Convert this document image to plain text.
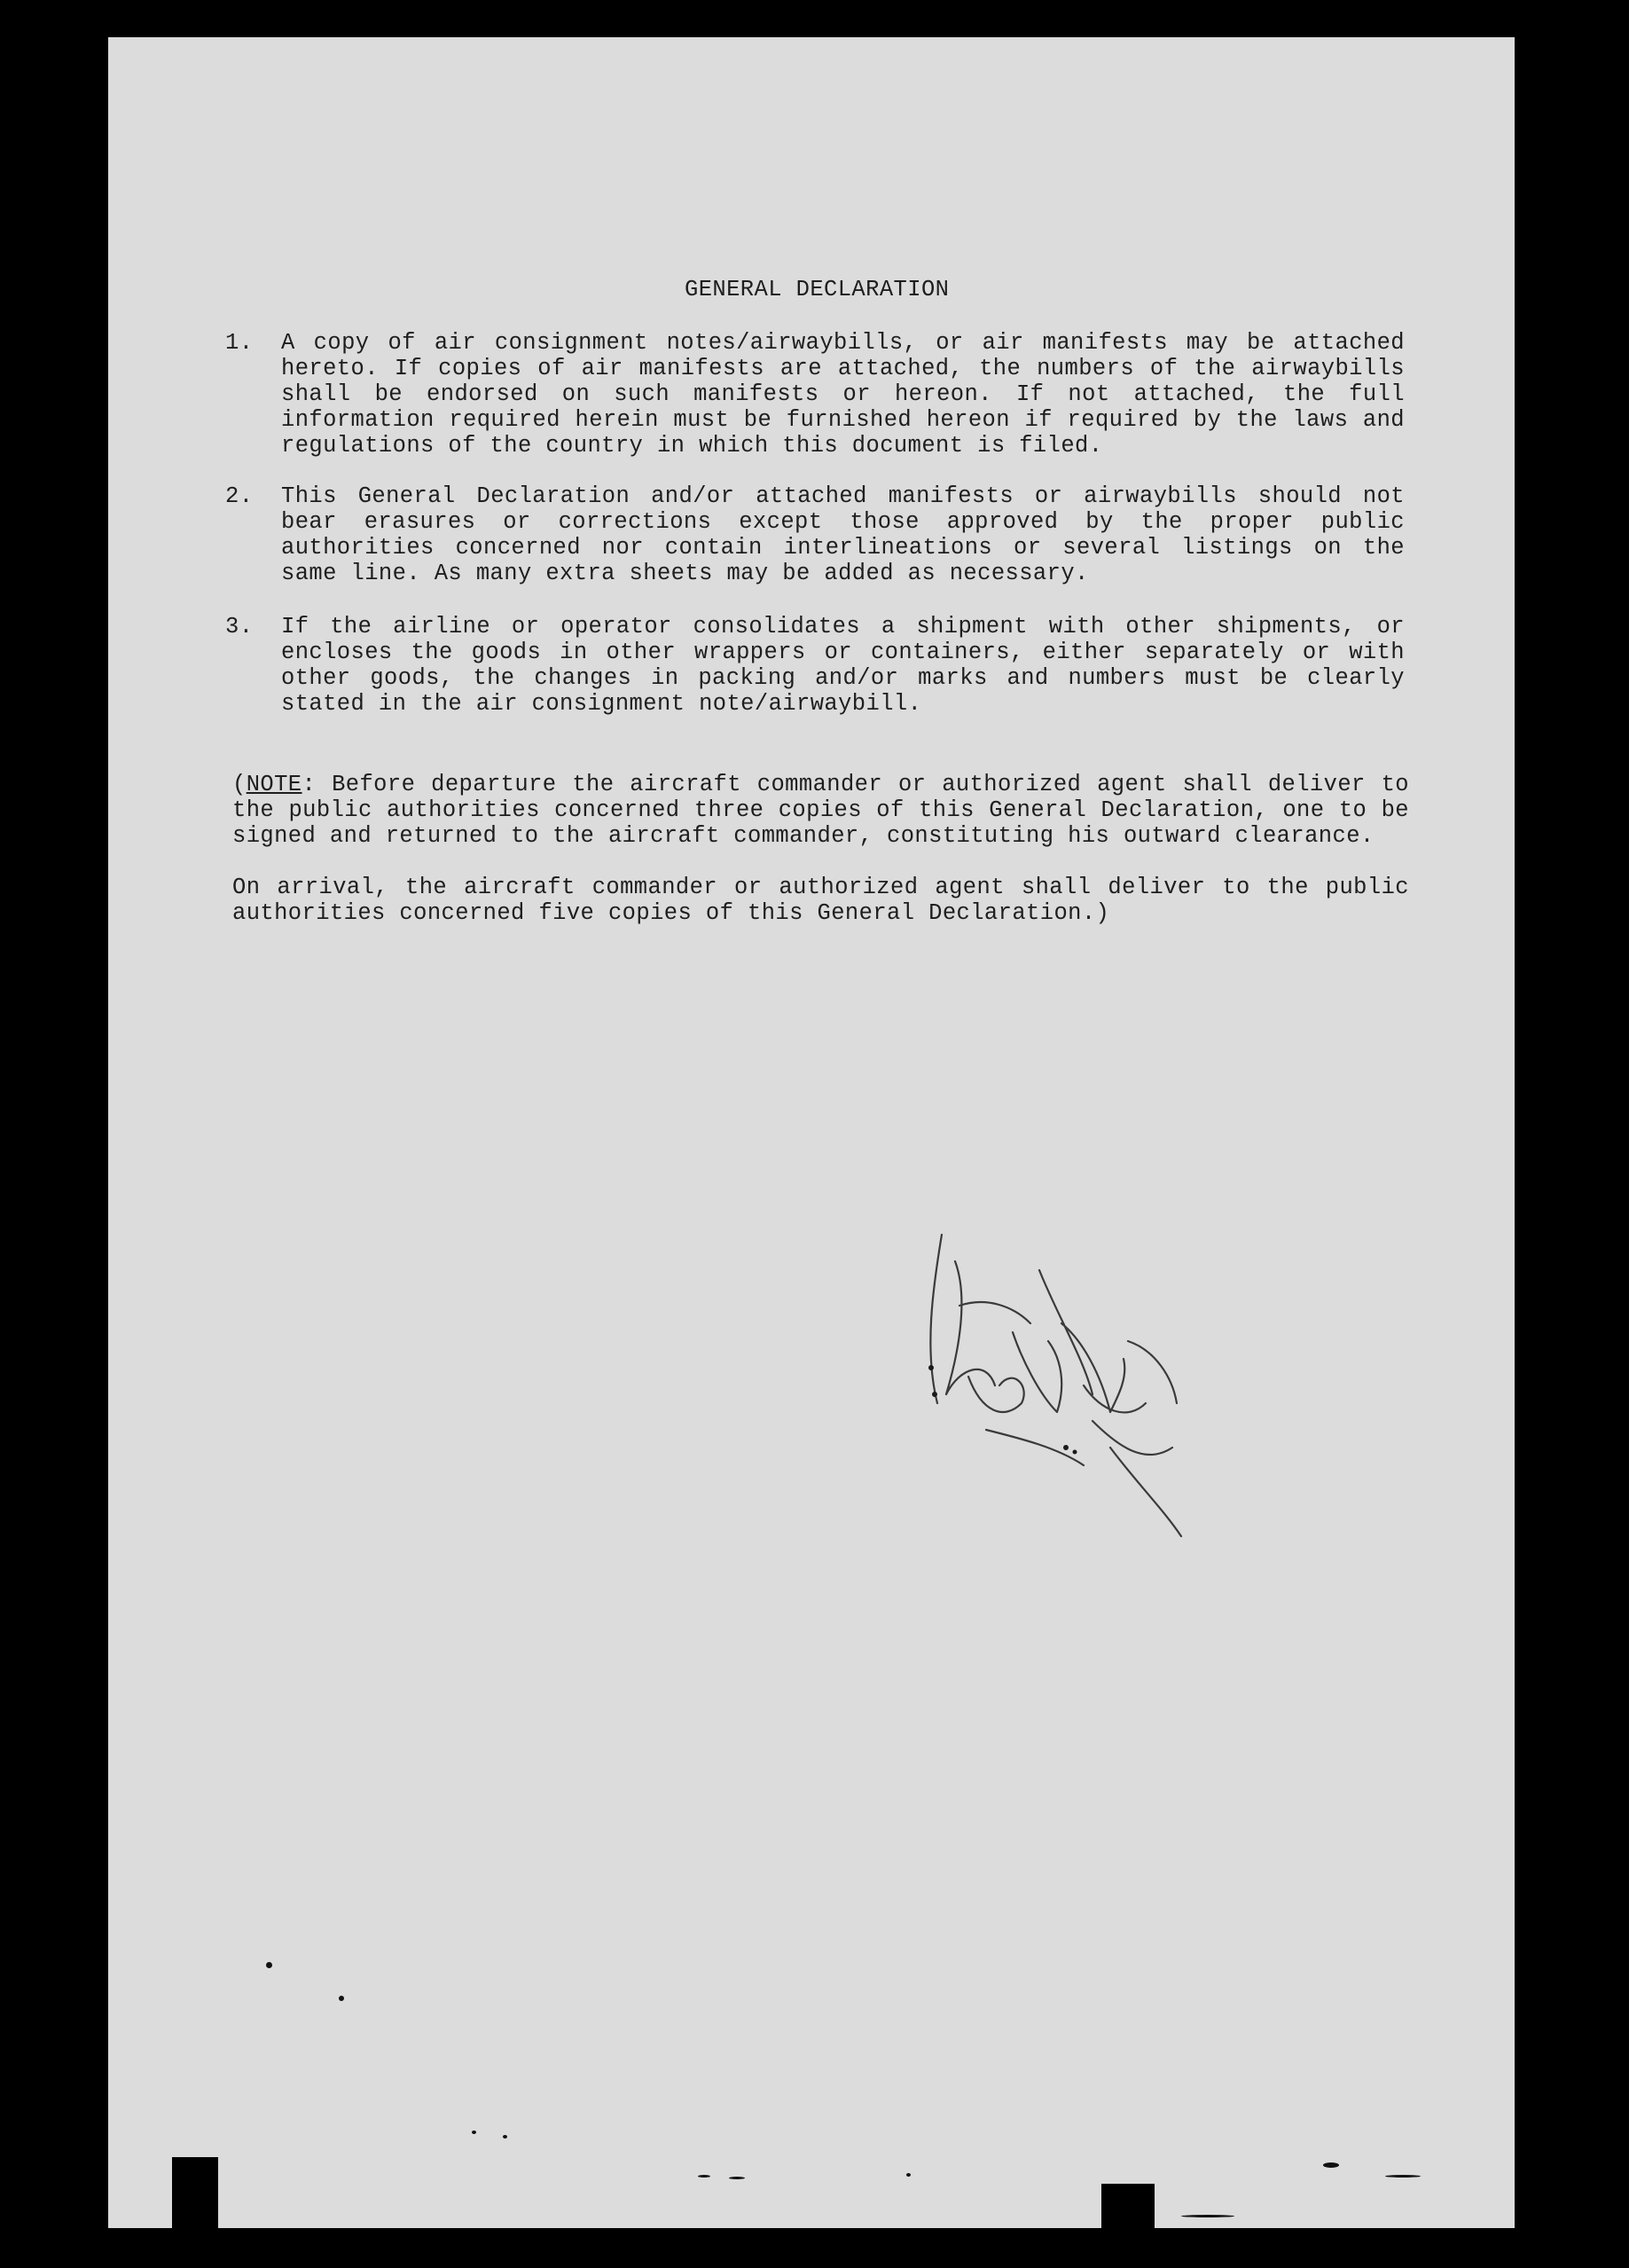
GENERAL DECLARATION
1. A copy of air consignment notes/airwaybills, or air manifests may be attached hereto. If copies of air manifests are attached, the numbers of the airwaybills shall be endorsed on such manifests or hereon. If not attached, the full information required herein must be furnished hereon if required by the laws and regulations of the country in which this document is filed.
2. This General Declaration and/or attached manifests or airwaybills should not bear erasures or corrections except those approved by the proper public authorities concerned nor contain interlineations or several listings on the same line. As many extra sheets may be added as necessary.
3. If the airline or operator consolidates a shipment with other shipments, or encloses the goods in other wrappers or containers, either separately or with other goods, the changes in packing and/or marks and numbers must be clearly stated in the air consignment note/airwaybill.
(NOTE: Before departure the aircraft commander or authorized agent shall deliver to the public authorities concerned three copies of this General Declaration, one to be signed and returned to the aircraft commander, constituting his outward clearance.
On arrival, the aircraft commander or authorized agent shall deliver to the public authorities concerned five copies of this General Declaration.)
